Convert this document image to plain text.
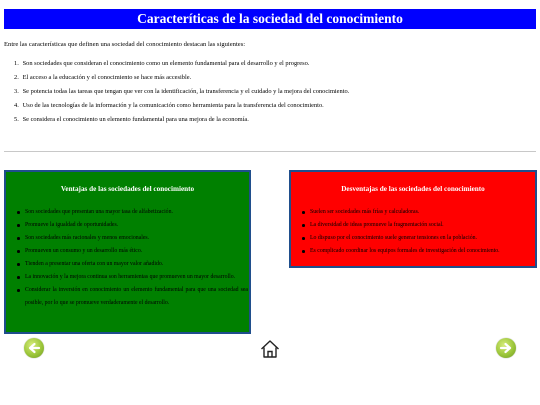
Caracteríticas de la sociedad del conocimiento
Entre las características que definen una sociedad del conocimiento destacan las siguientes:
1. Son sociedades que consideran el conocimiento como un elemento fundamental para el desarrollo y el progreso.
2. El acceso a la educación y el conocimiento se hace más accesible.
3. Se potencia todas las tareas que tengan que ver con la identificación, la transferencia y el cuidado y la mejora del conocimiento.
4. Uso de las tecnologías de la información y la comunicación como herramienta para la transferencia del conocimiento.
5. Se considera el conocimiento un elemento fundamental para una mejora de la economía.
Ventajas de las sociedades del conocimiento
Son sociedades que presentan una mayor tasa de alfabetización.
Promueve la igualdad de oportunidades.
Son sociedades más racionales y menos emocionales.
Promueven un consumo y un desarrollo más ético.
Tienden a presentar una oferta con un mayor valor añadido.
La innovación y la mejora continua son herramientas que promueven un mayor desarrollo.
Considerar la inversión en conocimiento un elemento fundamental para que una sociedad sea posible, por lo que se promueve verdaderamente el desarrollo.
Desventajas de las sociedades del conocimiento
Suelen ser sociedades más frías y calculadoras.
La diversidad de ideas promueve la fragmentación social.
Lo dispuso por el conocimiento suele generar tensiones en la población.
Es complicado coordinar los equipos formales de investigación del conocimiento.
